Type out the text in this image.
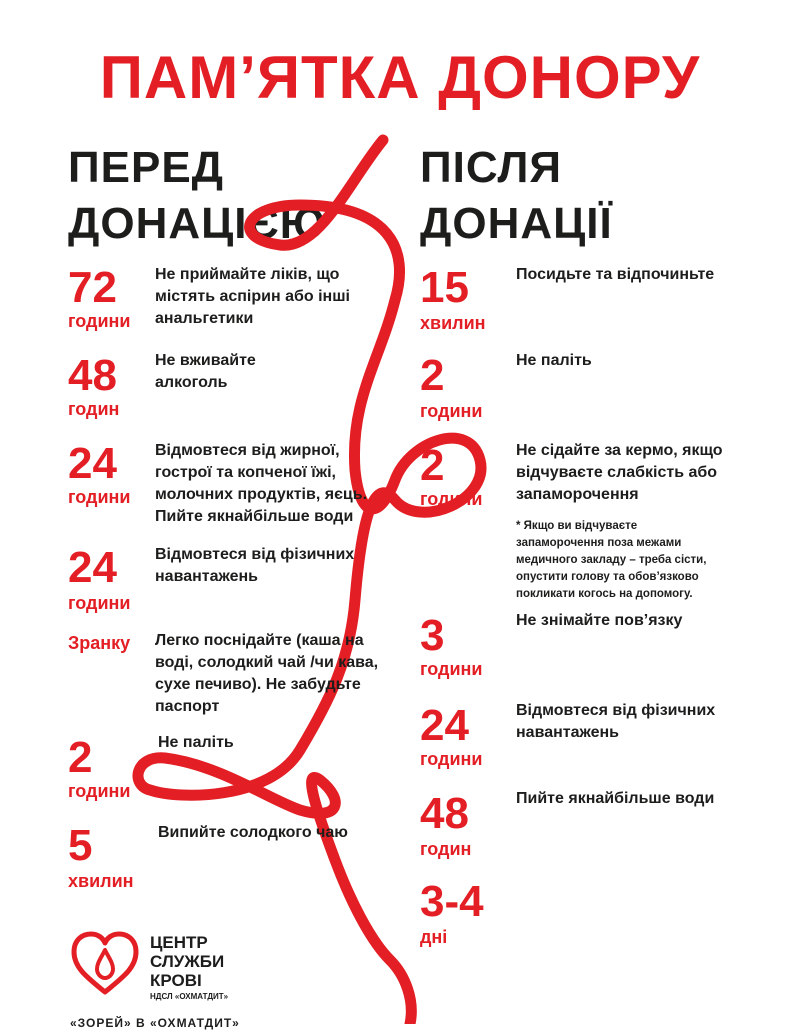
ПАМ’ЯТКА ДОНОРУ
ПЕРЕД
ДОНАЦІЄЮ
ПІСЛЯ
ДОНАЦІЇ
72
години
Не приймайте ліків, що
містять аспірин або інші
анальгетики
48
годин
Не вживайте
алкоголь
24
години
Відмовтеся від жирної,
гострої та копченої їжі,
молочних продуктів, яєць.
Пийте якнайбільше води
24
години
Відмовтеся від фізичних
навантажень
Зранку Легко поснідайте (каша на
воді, солодкий чай /чи кава,
сухе печиво). Не забудьте
паспорт
2
години
Не паліть
5
хвилин
Випийте солодкого чаю
15
хвилин
Посидьте та відпочиньте
2
години
Не паліть
2
години
Не сідайте за кермо, якщо
відчуваєте слабкість або
запаморочення
* Якщо ви відчуваєте
запаморочення поза межами
медичного закладу – треба сісти,
опустити голову та обов’язково
покликати когось на допомогу.
3
години
Не знімайте пов’язку
24
години
Відмовтеся від фізичних
навантажень
48
годин
Пийте якнайбільше води
3-4
дні
ЦЕНТР
СЛУЖБИ
КРОВІ
НДСЛ «ОХМАТДИТ»
«ЗОРЕЙ» В «ОХМАТДИТ»
